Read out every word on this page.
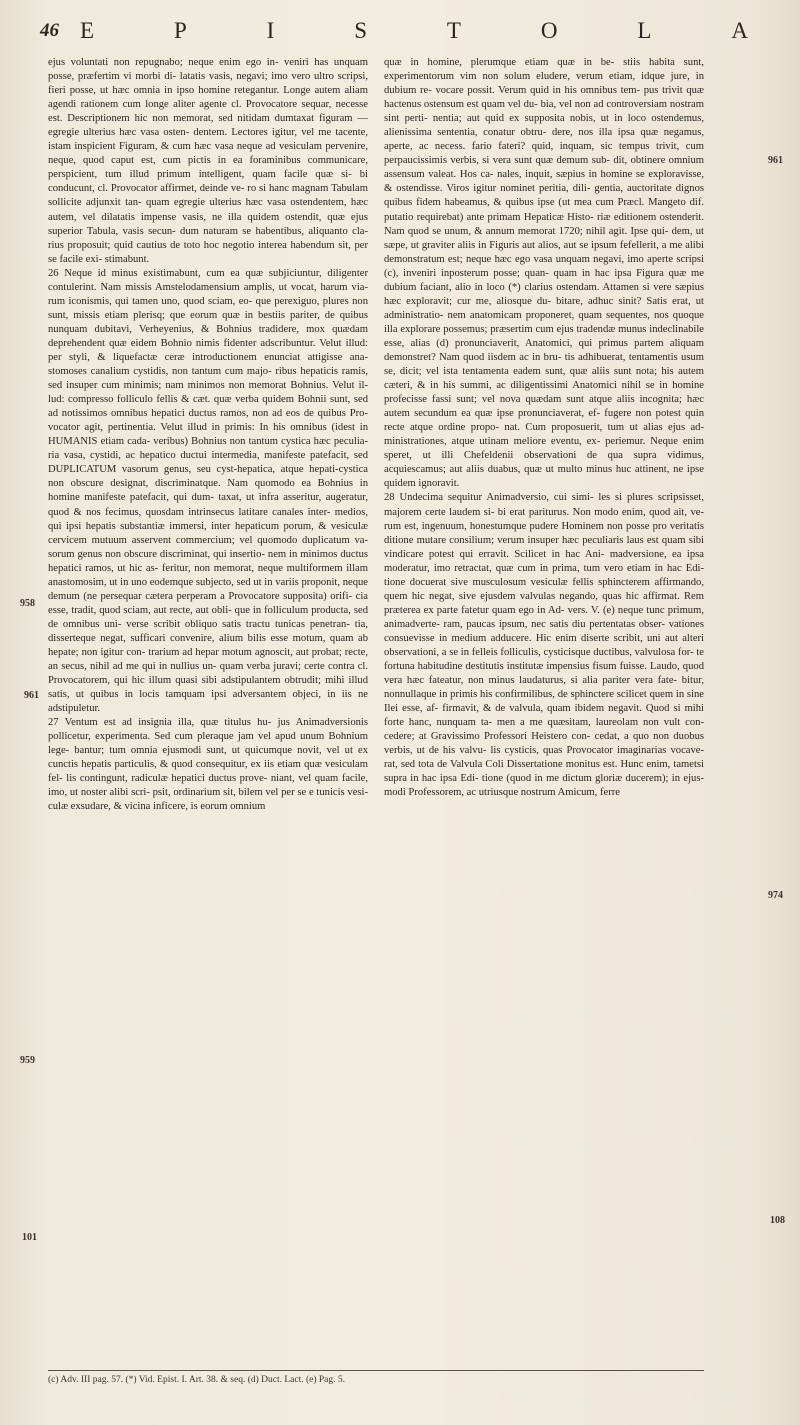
46 E	P	I	S	T	O	L	A
958
961
959
101
961
974
108

ejus voluntati non repugnabo; neque enim ego in- veniri has unquam posse, præfertim vi morbi di- latatis vasis, negavi; imo vero ultro scripsi, fieri posse, ut hæc omnia in ipso homine retegantur. Longe autem aliam agendi rationem cum longe aliter agente cl. Provocatore sequar, necesse est. Descriptionem hic non memorat, sed nitidam dumtaxat figuram — egregie ulterius hæc vasa osten- dentem. Lectores igitur, vel me tacente, istam inspicient Figuram, & cum hæc vasa neque ad vesiculam pervenire, neque, quod caput est, cum pictis in ea foraminibus communicare, perspicient, tum illud primum intelligent, quam facile quæ si- bi conducunt, cl. Provocator affirmet, deinde ve- ro si hanc magnam Tabulam sollicite adjunxit tan- quam egregie ulterius hæc vasa ostendentem, hæc autem, vel dilatatis impense vasis, ne illa quidem ostendit, quæ ejus superior Tabula, vasis secun- dum naturam se habentibus, aliquanto cla- rius proposuit; quid cautius de toto hoc negotio interea habendum sit, per se facile exi- stimabunt.

26 Neque id minus existimabunt, cum ea quæ subjiciuntur, diligenter contulerint. Nam missis Amstelodamensium amplis, ut vocat, harum via- rum iconismis, qui tamen uno, quod sciam, eo- que perexiguo, plures non sunt, missis etiam plerisq; que eorum quæ in bestiis pariter, de quibus nunquam dubitavi, Verheyenius, & Bohnius tradidere, mox quædam deprehendent quæ eidem Bohnio nimis fidenter adscribuntur. Velut illud: per styli, & liquefactæ ceræ introductionem enunciat attigisse ana- stomoses canalium cystidis, non tantum cum majo- ribus hepaticis ramis, sed insuper cum minimis; nam minimos non memorat Bohnius. Velut il- lud: compresso folliculo fellis & cæt. quæ verba quidem Bohnii sunt, sed ad notissimos omnibus hepatici ductus ramos, non ad eos de quibus Pro- vocator agit, pertinentia. Velut illud in primis: In his omnibus (idest in HUMANIS etiam cada- veribus) Bohnius non tantum cystica hæc peculia- ria vasa, cystidi, ac hepatico ductui intermedia, manifeste patefacit, sed DUPLICATUM vasorum genus, seu cyst-hepatica, atque hepati-cystica non obscure designat, discriminatque. Nam quomodo ea Bohnius in homine manifeste patefacit, qui dum- taxat, ut infra asseritur, augeratur, quod & nos fecimus, quosdam intrinsecus latitare canales inter- medios, qui ipsi hepatis substantiæ immersi, inter hepaticum porum, & vesiculæ cervicem mutuum asservent commercium; vel quomodo duplicatum va- sorum genus non obscure discriminat, qui insertio- nem in minimos ductus hepatici ramos, ut hic as- feritur, non memorat, neque multiformem illam anastomosim, ut in uno eodemque subjecto, sed ut in variis proponit, neque demum (ne persequar cætera perperam a Provocatore supposita) orifi- cia esse, tradit, quod sciam, aut recte, aut obli- que in folliculum producta, sed de omnibus uni- verse scribit obliquo satis tractu tunicas penetran- tia, disserteque negat, sufficari convenire, alium bilis esse motum, quam ab hepate; non igitur con- trarium ad hepar motum agnoscit, aut probat; recte, an secus, nihil ad me qui in nullius un- quam verba juravi; certe contra cl. Provocatorem, qui hic illum quasi sibi adstipulantem obtrudit; mihi illud satis, ut quibus in locis tamquam ipsi adversantem objeci, in iis ne adstipuletur.

27 Ventum est ad insignia illa, quæ titulus hu- jus Animadversionis pollicetur, experimenta. Sed cum pleraque jam vel apud unum Bohnium lege- bantur; tum omnia ejusmodi sunt, ut quicumque novit, vel ut ex cunctis hepatis particulis, & quod consequitur, ex iis etiam quæ vesiculam fel- lis contingunt, radiculæ hepatici ductus prove- niant, vel quam facile, imo, ut noster alibi scri- psit, ordinarium sit, bilem vel per se e tunicis vesi- culæ exsudare, & vicina inficere, is eorum omnium

quæ in homine, plerumque etiam quæ in be- stiis habita sunt, experimentorum vim non solum eludere, verum etiam, idque jure, in dubium re- vocare possit. Verum quid in his omnibus tem- pus trivit quæ hactenus ostensum est quam vel du- bia, vel non ad controversiam nostram sint perti- nentia; aut quid ex suppositа nobis, ut in loco ostendemus, alienissima sententia, conatur obtru- dere, nos illa ipsa quæ negamus, aperte, ac necess. fario fateri? quid, inquam, sic tempus trivit, cum perpaucissimis verbis, si vera sunt quæ demum sub- dit, obtinere omnium assensum valeat. Hos ca- nales, inquit, sæpius in homine se exploravisse, & ostendisse. Viros igitur nominet peritia, dili- gentia, auctoritate dignos quibus fidem habeamus, & quibus ipse (ut mea cum Præcl. Mangeto dif. putatio requirebat) ante primam Hepaticæ Histo- riæ editionem ostenderit. Nam quod se unum, & annum memorat 1720; nihil agit. Ipse qui- dem, ut sæpe, ut graviter aliis in Figuris aut alios, aut se ipsum fefellerit, a me alibi demonstratum est; neque hæc ego vasa unquam negavi, imo aperte scripsi (c), inveniri inposterum posse; quan- quam in hac ipsa Figura quæ me dubium faciant, alio in loco (*) clarius ostendam. Attamen si vere sæpius hæc exploravit; cur me, aliosque du- bitare, adhuc sinit? Satis erat, ut administratio- nem anatomicam proponeret, quam sequentes, nos quoque illa explorare possemus; præsertim cum ejus tradendæ munus indeclinabile esse, alias (d) pronunciaverit, Anatomici, qui primus partem aliquam demonstret? Nam quod iisdem ac in bru- tis adhibuerat, tentamentis usum se, dicit; vel ista tentamenta eadem sunt, quæ aliis sunt nota; his autem cæteri, & in his summi, ac diligentissimi Anatomici nihil se in homine profecisse fassi sunt; vel nova quædam sunt atque aliis incognita; hæc autem secundum ea quæ ipse pronunciaverat, ef- fugere non potest quin recte atque ordine propo- nat. Cum proposuerit, tum ut alias ejus ad- ministrationes, atque utinam meliore eventu, ex- periemur. Neque enim speret, ut illi Chefeldenii observationi de qua supra vidimus, acquiescamus; aut aliis duabus, quæ ut multo minus huc attinent, ne ipse quidem ignoravit.

28 Undecima sequitur Animadversio, cui simi- les si plures scripsisset, majorem certe laudem si- bi erat pariturus. Non modo enim, quod ait, ve- rum est, ingenuum, honestumque pudere Hominem non posse pro veritatis ditione mutare consilium; verum insuper hæc peculiaris laus est quam sibi vindicare potest qui erravit. Scilicet in hac Ani- madversione, ea ipsa moderatur, imo retractat, quæ cum in prima, tum vero etiam in hac Edi- tione docuerat sive musculosum vesiculæ fellis sphincterem affirmando, quem hic negat, sive ejusdem valvulas negando, quas hic affirmat. Rem præterea ex parte fatetur quam ego in Ad- vers. V. (e) neque tunc primum, animadverte- ram, paucas ipsum, nec satis diu pertentatas obser- vationes consuevisse in medium adducere. Hic enim diserte scribit, uni aut alteri observationi, a se in felleis folliculis, cysticisque ductibus, valvulosa for- te fortuna habitudine destitutis institutæ impensius fisum fuisse. Laudo, quod vera hæc fateatur, non minus laudaturus, si alia pariter vera fate- bitur, nonnullaque in primis his confirmilibus, de sphinctere scilicet quem in sine Ilei esse, af- firmavit, & de valvula, quam ibidem negavit. Quod si mihi forte hanc, nunquam ta- men a me quæsitam, laureolam non vult con- cedere; at Gravissimo Professori Heistero con- cedat, a quo non duobus verbis, ut de his valvu- lis cysticis, quas Provocator imaginarias vocave- rat, sed tota de Valvula Coli Dissertatione monitus est. Hunc enim, tametsi supra in hac ipsa Edi- tione (quod in me dictum gloriæ ducerem); in ejus- modi Professorem, ac utriusque nostrum Amicum, ferre

(c) Adv. III pag. 57. (*) Vid. Epist. I. Art. 38. & seq. (d) Duct. Lact. (e) Pag. 5.
